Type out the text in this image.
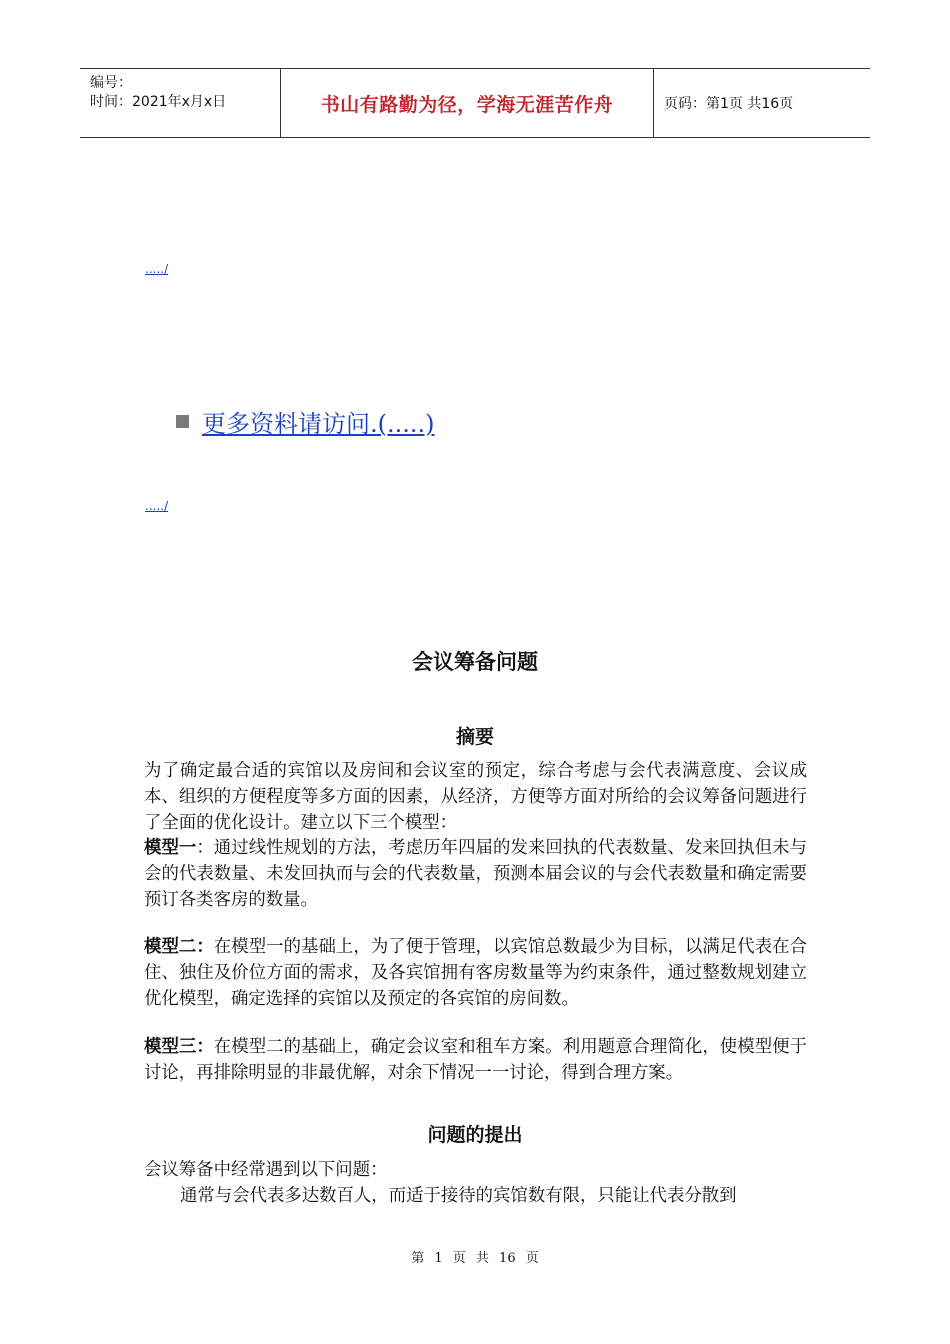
编号：
时间：2021年x月x日	书山有路勤为径，学海无涯苦作舟	页码：第1页 共16页
...../
更多资料请访问.(.....)
...../
会议筹备问题
摘要
为了确定最合适的宾馆以及房间和会议室的预定，综合考虑与会代表满意度、会议成本、组织的方便程度等多方面的因素，从经济，方便等方面对所给的会议筹备问题进行了全面的优化设计。建立以下三个模型：
模型一：通过线性规划的方法，考虑历年四届的发来回执的代表数量、发来回执但未与会的代表数量、未发回执而与会的代表数量，预测本届会议的与会代表数量和确定需要预订各类客房的数量。
模型二：在模型一的基础上，为了便于管理，以宾馆总数最少为目标，以满足代表在合住、独住及价位方面的需求，及各宾馆拥有客房数量等为约束条件，通过整数规划建立优化模型，确定选择的宾馆以及预定的各宾馆的房间数。
模型三：在模型二的基础上，确定会议室和租车方案。利用题意合理简化，使模型便于讨论，再排除明显的非最优解，对余下情况一一讨论，得到合理方案。
问题的提出
会议筹备中经常遇到以下问题：
通常与会代表多达数百人，而适于接待的宾馆数有限，只能让代表分散到
第 1 页 共 16 页
